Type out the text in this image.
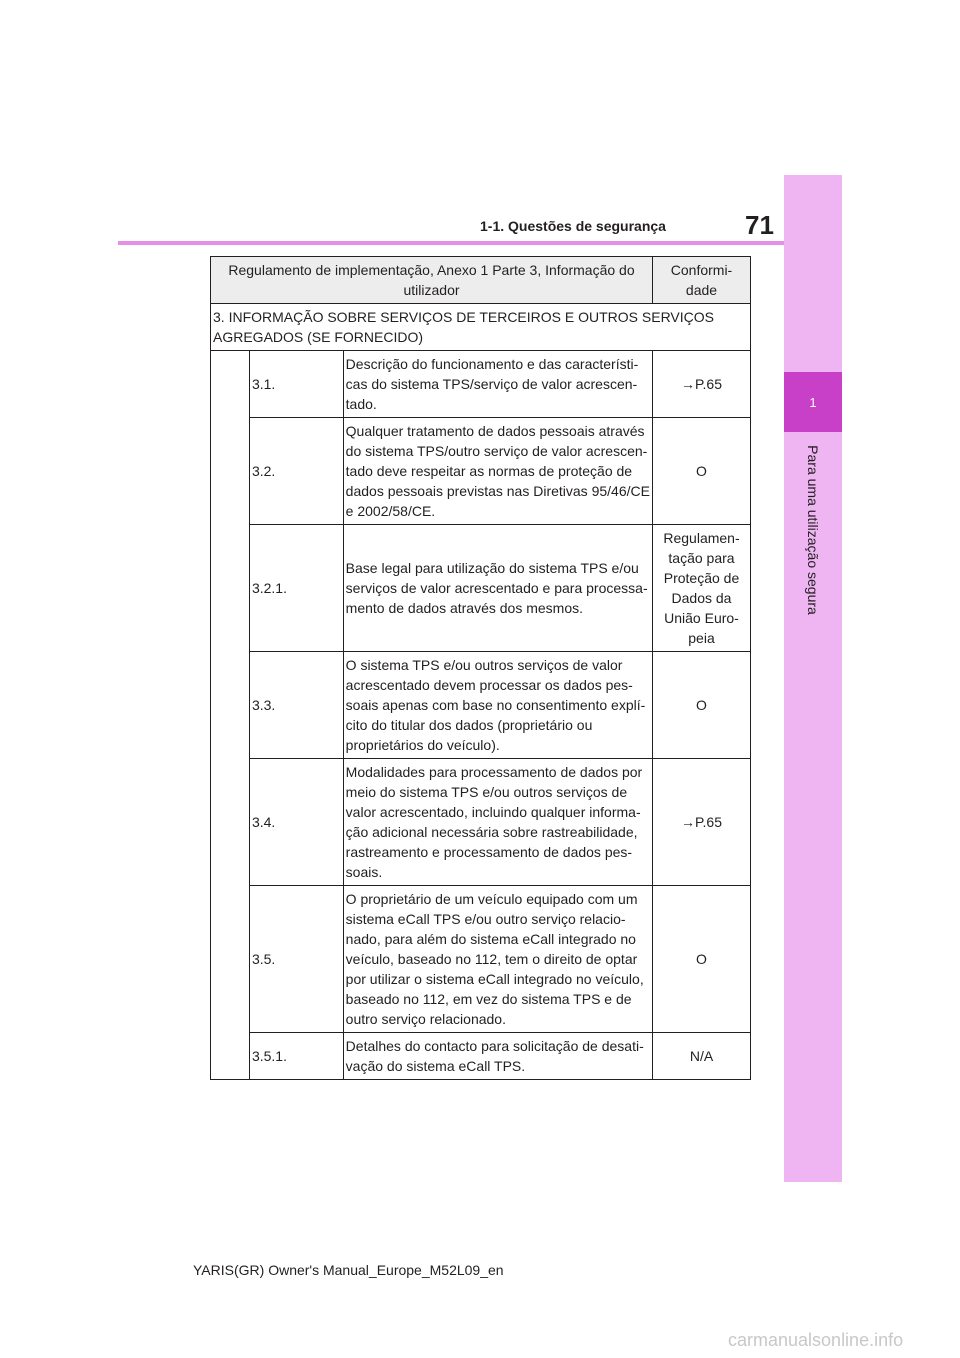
1
Para uma utilização segura
1-1. Questões de segurança	71
Regulamento de implementação, Anexo 1 Parte 3, Informação do utilizador			Conformi- dade
3. INFORMAÇÃO SOBRE SERVIÇOS DE TERCEIROS E OUTROS SERVIÇOS AGREGADOS (SE FORNECIDO)			
	3.1.	Descrição do funcionamento e das característi- cas do sistema TPS/serviço de valor acrescen- tado.	→P.65
	3.2.	Qualquer tratamento de dados pessoais através do sistema TPS/outro serviço de valor acrescen- tado deve respeitar as normas de proteção de dados pessoais previstas nas Diretivas 95/46/CE e 2002/58/CE.	O
	3.2.1.	Base legal para utilização do sistema TPS e/ou serviços de valor acrescentado e para processa- mento de dados através dos mesmos.	Regulamen- tação para Proteção de Dados da União Euro- peia
	3.3.	O sistema TPS e/ou outros serviços de valor acrescentado devem processar os dados pes- soais apenas com base no consentimento explí- cito do titular dos dados (proprietário ou proprietários do veículo).	O
	3.4.	Modalidades para processamento de dados por meio do sistema TPS e/ou outros serviços de valor acrescentado, incluindo qualquer informa- ção adicional necessária sobre rastreabilidade, rastreamento e processamento de dados pes- soais.	→P.65
	3.5.	O proprietário de um veículo equipado com um sistema eCall TPS e/ou outro serviço relacio- nado, para além do sistema eCall integrado no veículo, baseado no 112, tem o direito de optar por utilizar o sistema eCall integrado no veículo, baseado no 112, em vez do sistema TPS e de outro serviço relacionado.	O
	3.5.1.	Detalhes do contacto para solicitação de desati- vação do sistema eCall TPS.	N/A
YARIS(GR) Owner's Manual_Europe_M52L09_en
carmanualsonline.info
